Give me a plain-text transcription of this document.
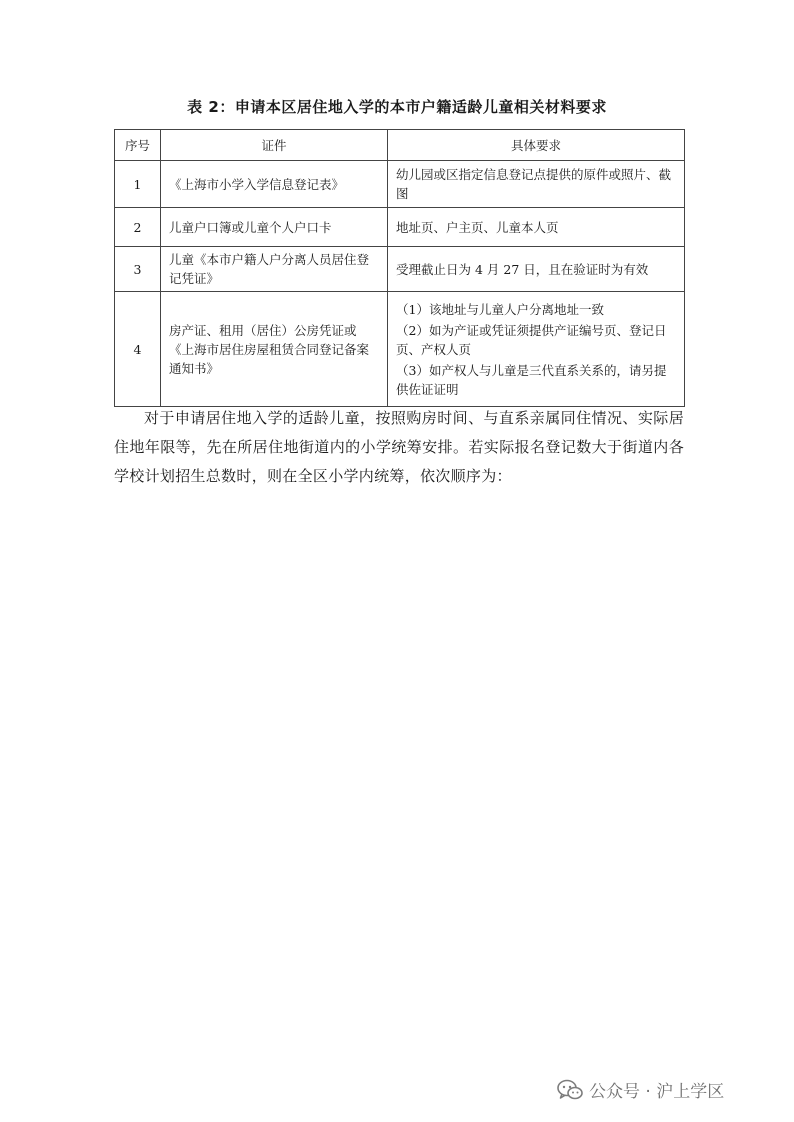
表 2：申请本区居住地入学的本市户籍适龄儿童相关材料要求
序号	证件	具体要求
1	《上海市小学入学信息登记表》	幼儿园或区指定信息登记点提供的原件或照片、截图

2	儿童户口簿或儿童个人户口卡	地址页、户主页、儿童本人页

3	儿童《本市户籍人户分离人员居住登记凭证》	受理截止日为 4 月 27 日，且在验证时为有效

4	房产证、租用（居住）公房凭证或《上海市居住房屋租赁合同登记备案通知书》	（1）该地址与儿童人户分离地址一致
（2）如为产证或凭证须提供产证编号页、登记日页、产权人页
（3）如产权人与儿童是三代直系关系的，请另提供佐证证明
对于申请居住地入学的适龄儿童，按照购房时间、与直系亲属同住情况、实际居住地年限等，先在所居住地街道内的小学统筹安排。若实际报名登记数大于街道内各学校计划招生总数时，则在全区小学内统筹，依次顺序为：
公众号 · 沪上学区
